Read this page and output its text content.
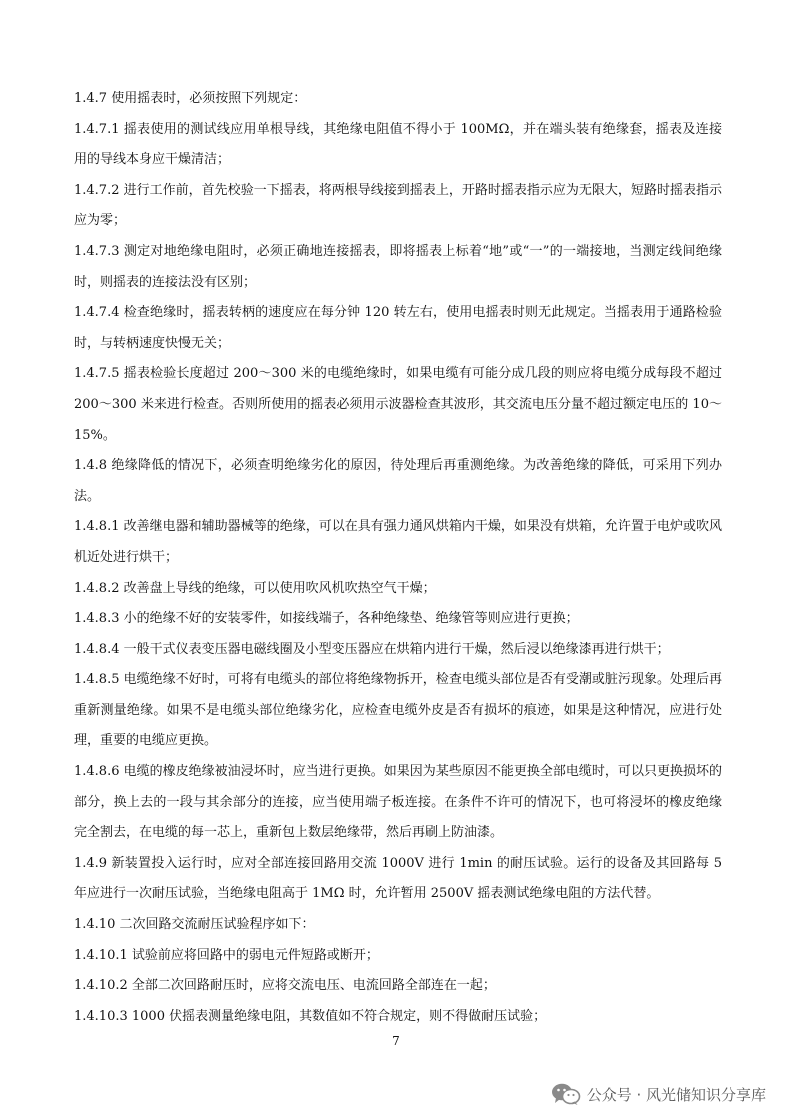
1.4.7 使用摇表时，必须按照下列规定：

1.4.7.1 摇表使用的测试线应用单根导线，其绝缘电阻值不得小于 100MΩ，并在端头装有绝缘套，摇表及连接用的导线本身应干燥清洁；

1.4.7.2 进行工作前，首先校验一下摇表，将两根导线接到摇表上，开路时摇表指示应为无限大，短路时摇表指示应为零；

1.4.7.3 测定对地绝缘电阻时，必须正确地连接摇表，即将摇表上标着“地”或“一”的一端接地，当测定线间绝缘时，则摇表的连接法没有区别；

1.4.7.4 检查绝缘时，摇表转柄的速度应在每分钟 120 转左右，使用电摇表时则无此规定。当摇表用于通路检验时，与转柄速度快慢无关；

1.4.7.5 摇表检验长度超过 200～300 米的电缆绝缘时，如果电缆有可能分成几段的则应将电缆分成每段不超过 200～300 米来进行检查。否则所使用的摇表必须用示波器检查其波形，其交流电压分量不超过额定电压的 10～15%。

1.4.8 绝缘降低的情况下，必须查明绝缘劣化的原因，待处理后再重测绝缘。为改善绝缘的降低，可采用下列办法。

1.4.8.1 改善继电器和辅助器械等的绝缘，可以在具有强力通风烘箱内干燥，如果没有烘箱，允许置于电炉或吹风机近处进行烘干；

1.4.8.2 改善盘上导线的绝缘，可以使用吹风机吹热空气干燥；

1.4.8.3 小的绝缘不好的安装零件，如接线端子，各种绝缘垫、绝缘管等则应进行更换；

1.4.8.4 一般干式仪表变压器电磁线圈及小型变压器应在烘箱内进行干燥，然后浸以绝缘漆再进行烘干；

1.4.8.5 电缆绝缘不好时，可将有电缆头的部位将绝缘物拆开，检查电缆头部位是否有受潮或脏污现象。处理后再重新测量绝缘。如果不是电缆头部位绝缘劣化，应检查电缆外皮是否有损坏的痕迹，如果是这种情况，应进行处理，重要的电缆应更换。

1.4.8.6 电缆的橡皮绝缘被油浸坏时，应当进行更换。如果因为某些原因不能更换全部电缆时，可以只更换损坏的部分，换上去的一段与其余部分的连接，应当使用端子板连接。在条件不许可的情况下，也可将浸坏的橡皮绝缘完全割去，在电缆的每一芯上，重新包上数层绝缘带，然后再刷上防油漆。

1.4.9 新装置投入运行时，应对全部连接回路用交流 1000V 进行 1min 的耐压试验。运行的设备及其回路每 5 年应进行一次耐压试验，当绝缘电阻高于 1MΩ 时，允许暂用 2500V 摇表测试绝缘电阻的方法代替。

1.4.10 二次回路交流耐压试验程序如下：

1.4.10.1 试验前应将回路中的弱电元件短路或断开；

1.4.10.2 全部二次回路耐压时，应将交流电压、电流回路全部连在一起；

1.4.10.3 1000 伏摇表测量绝缘电阻，其数值如不符合规定，则不得做耐压试验；

7
公众号 · 风光储知识分享库
